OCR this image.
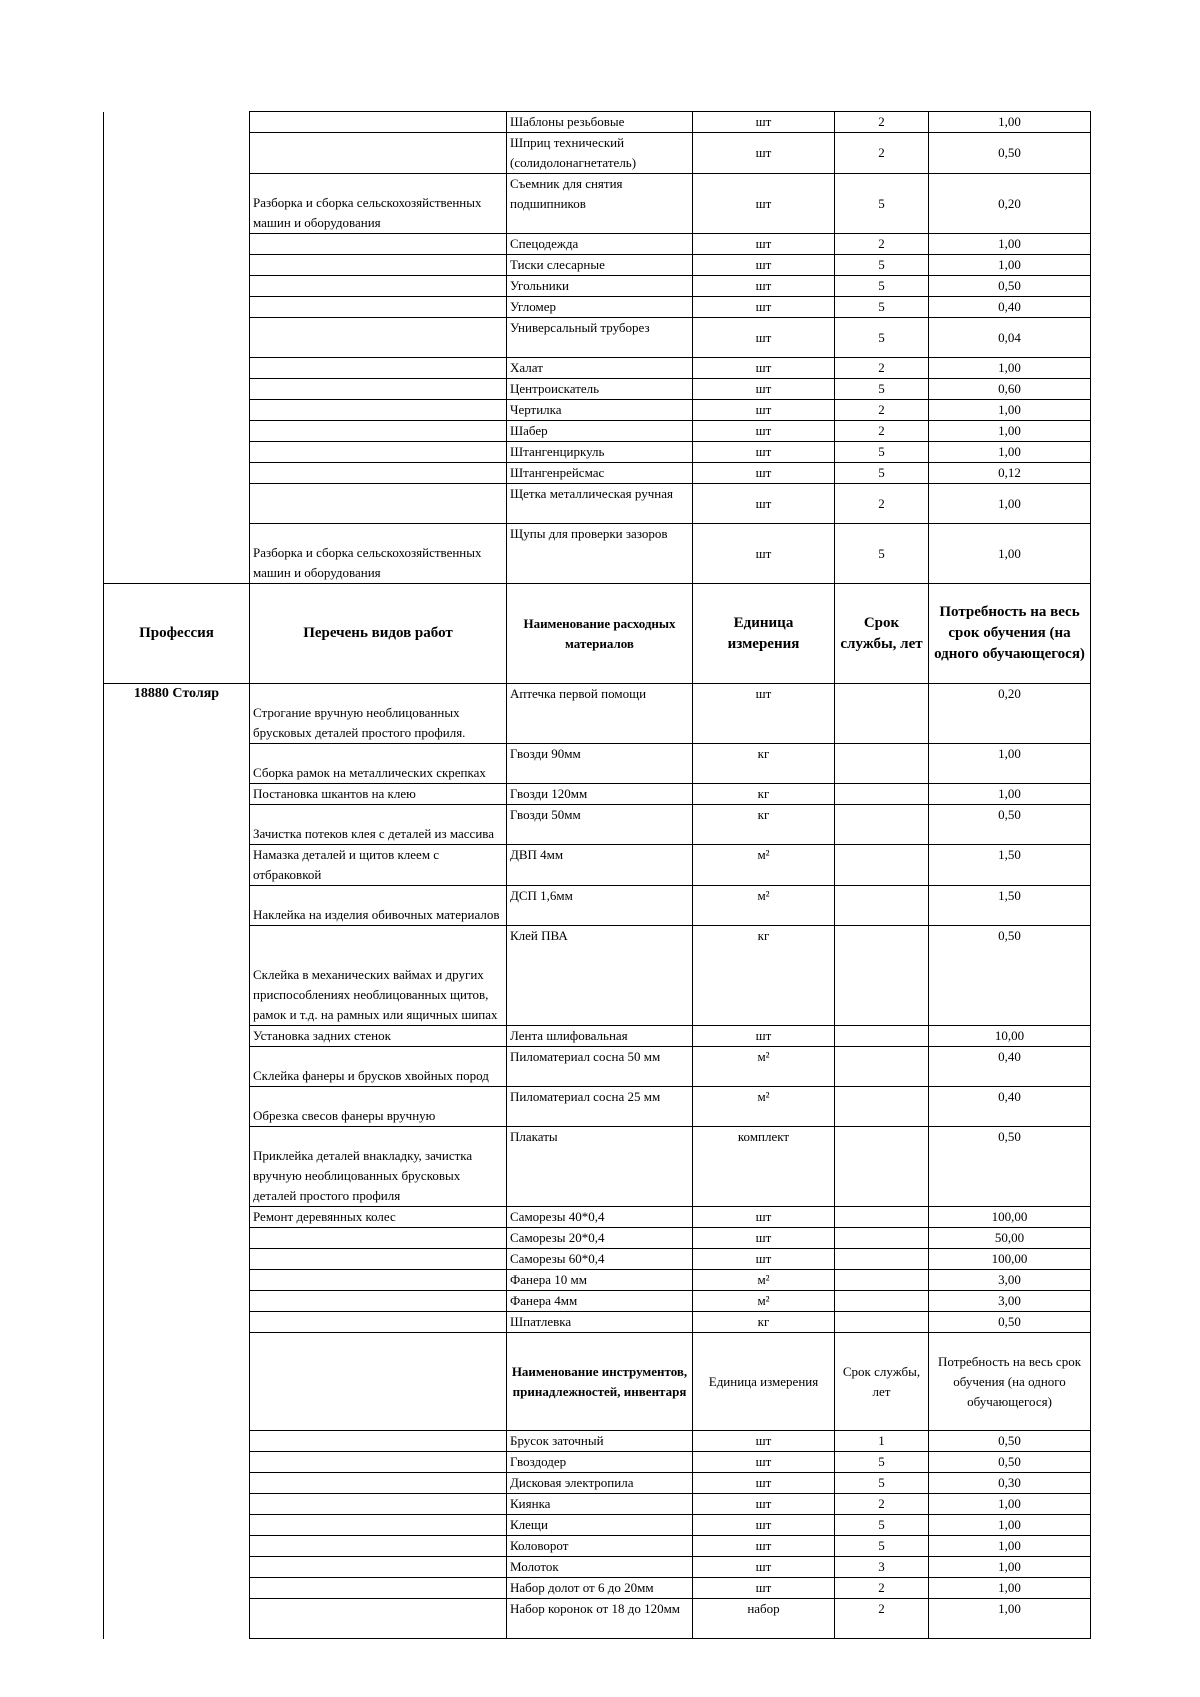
		Шаблоны резьбовые	шт	2	1,00
		Шприц технический (солидолонагнетатель)	шт	2	0,50
	Разборка и сборка сельскохозяйственных машин и оборудования	Съемник для снятия подшипников	шт	5	0,20
		Спецодежда	шт	2	1,00
		Тиски слесарные	шт	5	1,00
		Угольники	шт	5	0,50
		Угломер	шт	5	0,40
		Универсальный труборез	шт	5	0,04
		Халат	шт	2	1,00
		Центроискатель	шт	5	0,60
		Чертилка	шт	2	1,00
		Шабер	шт	2	1,00
		Штангенциркуль	шт	5	1,00
		Штангенрейсмас	шт	5	0,12
		Щетка металлическая ручная	шт	2	1,00
	Разборка и сборка сельскохозяйственных машин и оборудования	Щупы для проверки зазоров	шт	5	1,00
Профессия	Перечень видов работ	Наименование расходных материалов	Единица измерения	Срок службы, лет	Потребность на весь срок обучения (на одного обучающегося)
18880 Столяр	Строгание вручную необлицованных брусковых деталей простого профиля.	Аптечка первой помощи	шт		0,20
	Сборка рамок на металлических скрепках	Гвозди 90мм	кг		1,00
	Постановка шкантов на клею	Гвозди 120мм	кг		1,00
	Зачистка потеков клея с деталей из массива	Гвозди 50мм	кг		0,50
	Намазка деталей и щитов клеем с отбраковкой	ДВП 4мм	м²		1,50
	Наклейка на изделия обивочных материалов	ДСП 1,6мм	м²		1,50
	Склейка в механических ваймах и других приспособлениях необлицованных щитов, рамок и т.д. на рамных или ящичных шипах	Клей ПВА	кг		0,50
	Установка задних стенок	Лента шлифовальная	шт		10,00
	Склейка фанеры и брусков хвойных пород	Пиломатериал сосна 50 мм	м²		0,40
	Обрезка свесов фанеры вручную	Пиломатериал сосна 25 мм	м²		0,40
	Приклейка деталей внакладку, зачистка вручную необлицованных брусковых деталей простого профиля	Плакаты	комплект		0,50
	Ремонт деревянных колес	Саморезы 40*0,4	шт		100,00
		Саморезы 20*0,4	шт		50,00
		Саморезы 60*0,4	шт		100,00
		Фанера 10 мм	м²		3,00
		Фанера 4мм	м²		3,00
		Шпатлевка	кг		0,50
		Наименование инструментов, принадлежностей, инвентаря	Единица измерения	Срок службы, лет	Потребность на весь срок обучения (на одного обучающегося)
		Брусок заточный	шт	1	0,50
		Гвоздодер	шт	5	0,50
		Дисковая электропила	шт	5	0,30
		Киянка	шт	2	1,00
		Клещи	шт	5	1,00
		Коловорот	шт	5	1,00
		Молоток	шт	3	1,00
		Набор долот от 6 до 20мм	шт	2	1,00
		Набор коронок от 18 до 120мм	набор	2	1,00
